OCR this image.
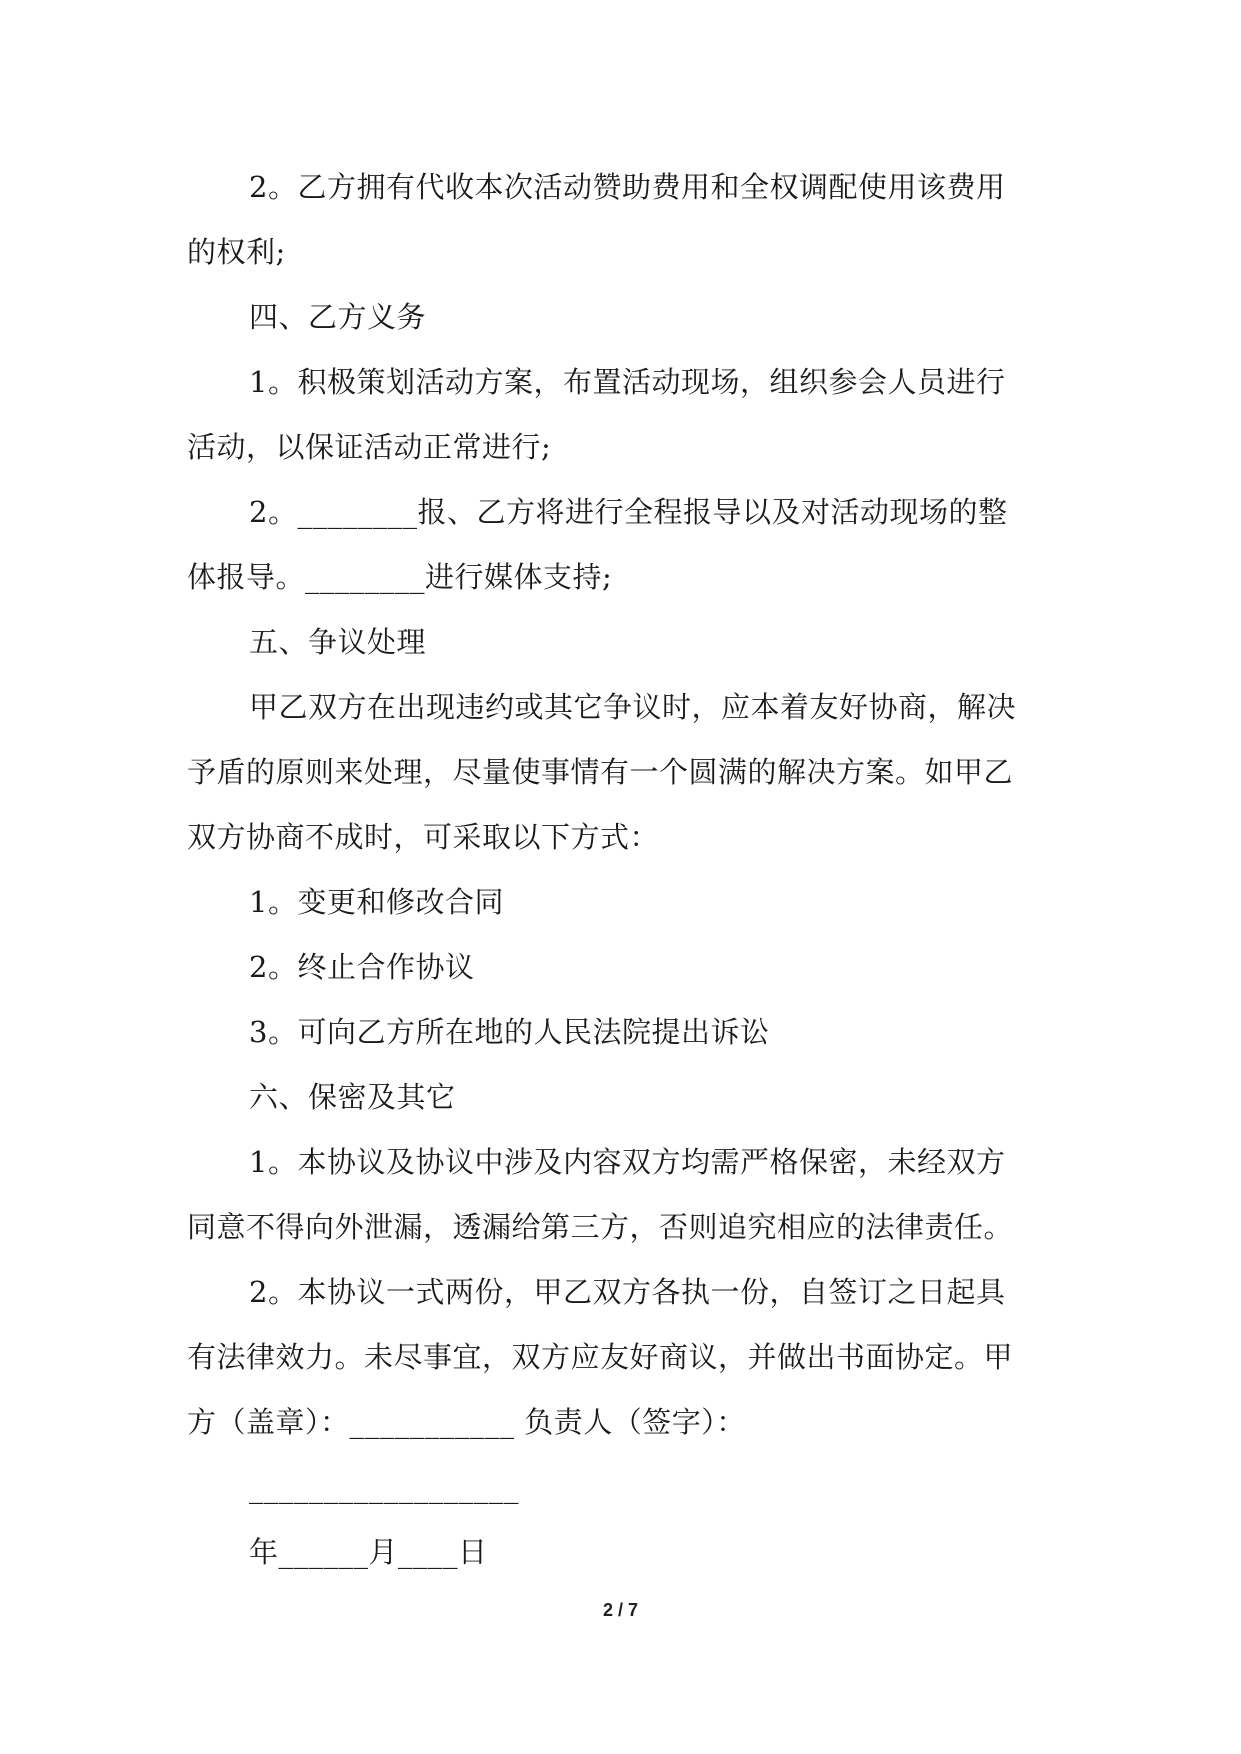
2。乙方拥有代收本次活动赞助费用和全权调配使用该费用
的权利;
四、乙方义务
1。积极策划活动方案，布置活动现场，组织参会人员进行
活动，以保证活动正常进行;
2。________报、乙方将进行全程报导以及对活动现场的整
体报导。________进行媒体支持;
五、争议处理
甲乙双方在出现违约或其它争议时，应本着友好协商，解决
予盾的原则来处理，尽量使事情有一个圆满的解决方案。如甲乙
双方协商不成时，可采取以下方式：
1。变更和修改合同
2。终止合作协议
3。可向乙方所在地的人民法院提出诉讼
六、保密及其它
1。本协议及协议中涉及内容双方均需严格保密，未经双方
同意不得向外泄漏，透漏给第三方，否则追究相应的法律责任。
2。本协议一式两份，甲乙双方各执一份，自签订之日起具
有法律效力。未尽事宜，双方应友好商议，并做出书面协定。甲
方（盖章）：___________ 负责人（签字）：
__________________
年______月____日
2 / 7
